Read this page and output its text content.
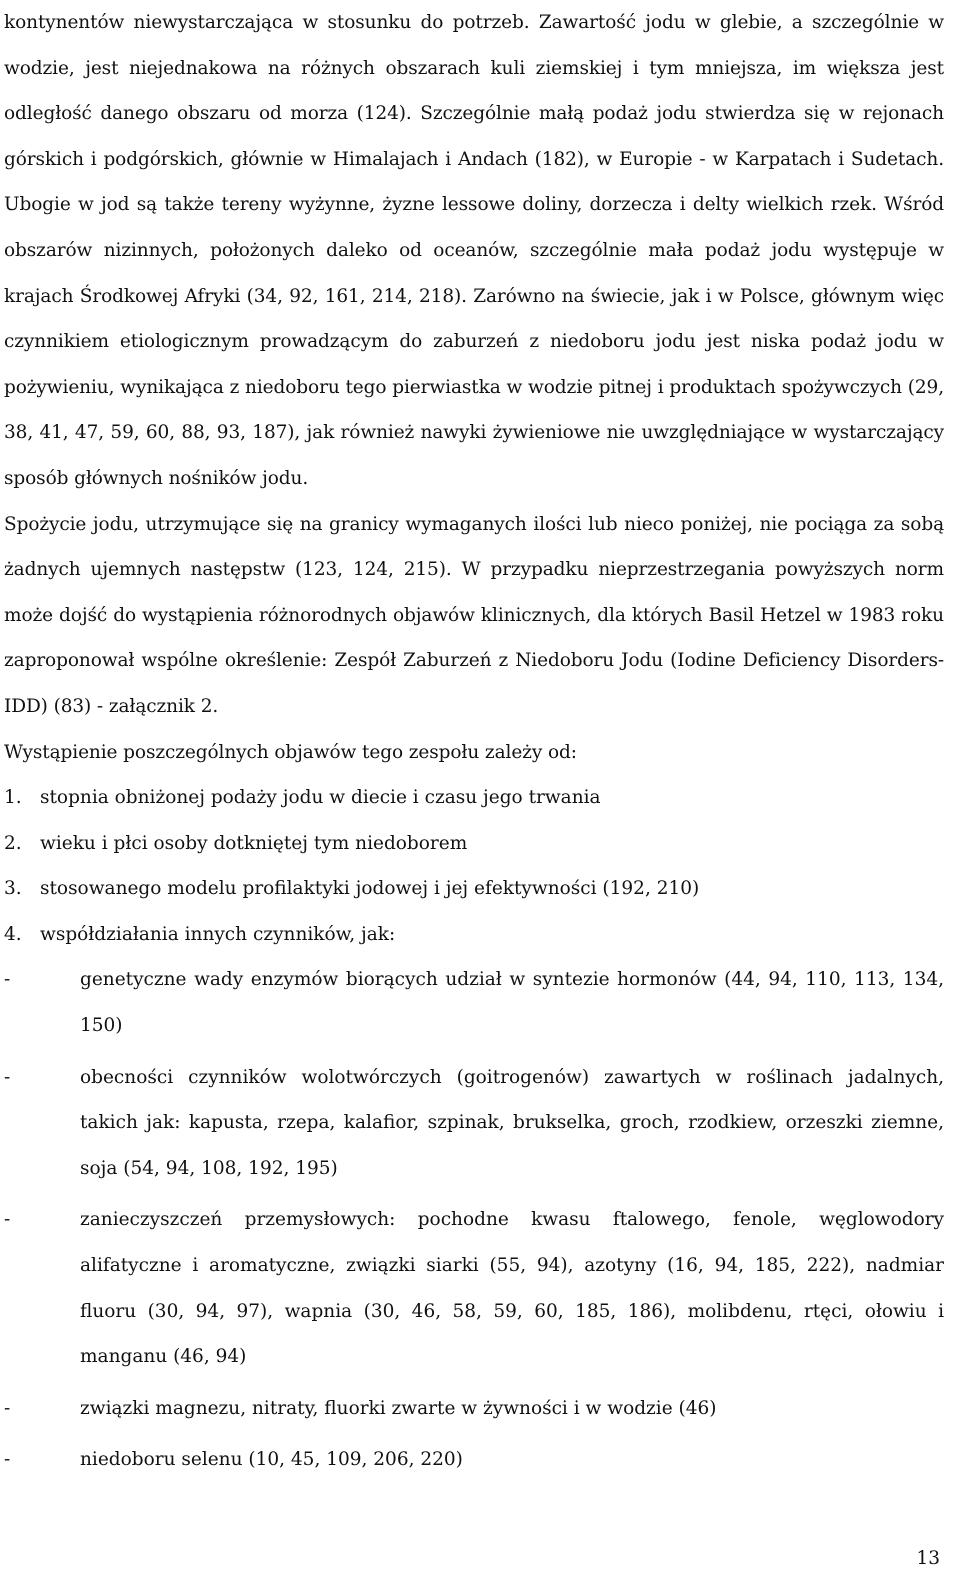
kontynentów niewystarczająca w stosunku do potrzeb. Zawartość jodu w glebie, a szczególnie w wodzie, jest niejednakowa na różnych obszarach kuli ziemskiej i tym mniejsza, im większa jest odległość danego obszaru od morza (124). Szczególnie małą podaż jodu stwierdza się w rejonach górskich i podgórskich, głównie w Himalajach i Andach (182), w Europie - w Karpatach i Sudetach. Ubogie w jod są także tereny wyżynne, żyzne lessowe doliny, dorzecza i delty wielkich rzek. Wśród obszarów nizinnych, położonych daleko od oceanów, szczególnie mała podaż jodu występuje w krajach Środkowej Afryki (34, 92, 161, 214, 218). Zarówno na świecie, jak i w Polsce, głównym więc czynnikiem etiologicznym prowadzącym do zaburzeń z niedoboru jodu jest niska podaż jodu w pożywieniu, wynikająca z niedoboru tego pierwiastka w wodzie pitnej i produktach spożywczych (29, 38, 41, 47, 59, 60, 88, 93, 187), jak również nawyki żywieniowe nie uwzględniające w wystarczający sposób głównych nośników jodu.

Spożycie jodu, utrzymujące się na granicy wymaganych ilości lub nieco poniżej, nie pociąga za sobą żadnych ujemnych następstw (123, 124, 215). W przypadku nieprzestrzegania powyższych norm może dojść do wystąpienia różnorodnych objawów klinicznych, dla których Basil Hetzel w 1983 roku zaproponował wspólne określenie: Zespół Zaburzeń z Niedoboru Jodu (Iodine Deficiency Disorders-IDD) (83) - załącznik 2.

Wystąpienie poszczególnych objawów tego zespołu zależy od:

1. stopnia obniżonej podaży jodu w diecie i czasu jego trwania
2. wieku i płci osoby dotkniętej tym niedoborem
3. stosowanego modelu profilaktyki jodowej i jej efektywności (192, 210)
4. współdziałania innych czynników, jak:
-	genetyczne wady enzymów biorących udział w syntezie hormonów (44, 94, 110, 113, 134, 150)
-	obecności czynników wolotwórczych (goitrogenów) zawartych w roślinach jadalnych, takich jak: kapusta, rzepa, kalafior, szpinak, brukselka, groch, rzodkiew, orzeszki ziemne, soja (54, 94, 108, 192, 195)
-	zanieczyszczeń przemysłowych: pochodne kwasu ftalowego, fenole, węglowodory alifatyczne i aromatyczne, związki siarki (55, 94), azotyny (16, 94, 185, 222), nadmiar fluoru (30, 94, 97), wapnia (30, 46, 58, 59, 60, 185, 186), molibdenu, rtęci, ołowiu i manganu (46, 94)
-	związki magnezu, nitraty, fluorki zwarte w żywności i w wodzie (46)
-	niedoboru selenu (10, 45, 109, 206, 220)
13
